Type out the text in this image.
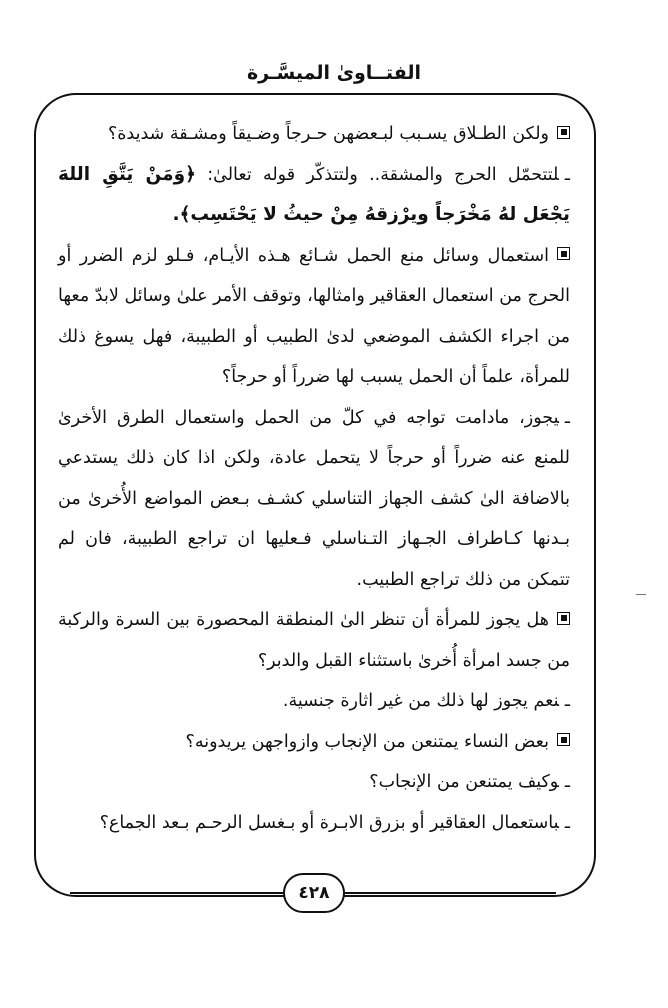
الفتــاوىٰ الميسَّـرة

ولكن الطـلاق يسـبب لبـعضهن حـرجاً وضـيقاً ومشـقة شديدة؟

ـلتتحمّل الحرج والمشقة.. ولتتذكّر قوله تعالىٰ: ﴿وَمَنْ يَتَّقِ اللهَ يَجْعَل لهُ مَخْرَجاً ويرْزقهُ مِنْ حيثُ لا يَحْتَسِب﴾.

استعمال وسائل منع الحمل شـائع هـذه الأيـام، فـلو لزم الضرر أو الحرج من استعمال العقاقير وامثالها، وتوقف الأمر علىٰ وسائل لابدّ معها من اجراء الكشف الموضعي لدىٰ الطبيب أو الطبيبة، فهل يسوغ ذلك للمرأة، علماً أن الحمل يسبب لها ضرراً أو حرجاً؟

ـيجوز، مادامت تواجه في كلّ من الحمل واستعمال الطرق الأخرىٰ للمنع عنه ضرراً أو حرجاً لا يتحمل عادة، ولكن اذا كان ذلك يستدعي بالاضافة الىٰ كشف الجهاز التناسلي كشـف بـعض المواضع الأُخرىٰ من بـدنها كـاطراف الجـهاز التـناسلي فـعليها ان تراجع الطبيبة، فان لم تتمكن من ذلك تراجع الطبيب.

هل يجوز للمرأة أن تنظر الىٰ المنطقة المحصورة بين السرة والركبة من جسد امرأة أُخرىٰ باستثناء القبل والدبر؟

ـنعم يجوز لها ذلك من غير اثارة جنسية.

بعض النساء يمتنعن من الإنجاب وازواجهن يريدونه؟

ـوكيف يمتنعن من الإنجاب؟

ـباستعمال العقاقير أو بزرق الابـرة أو بـغسل الرحـم بـعد الجماع؟

٤٢٨
